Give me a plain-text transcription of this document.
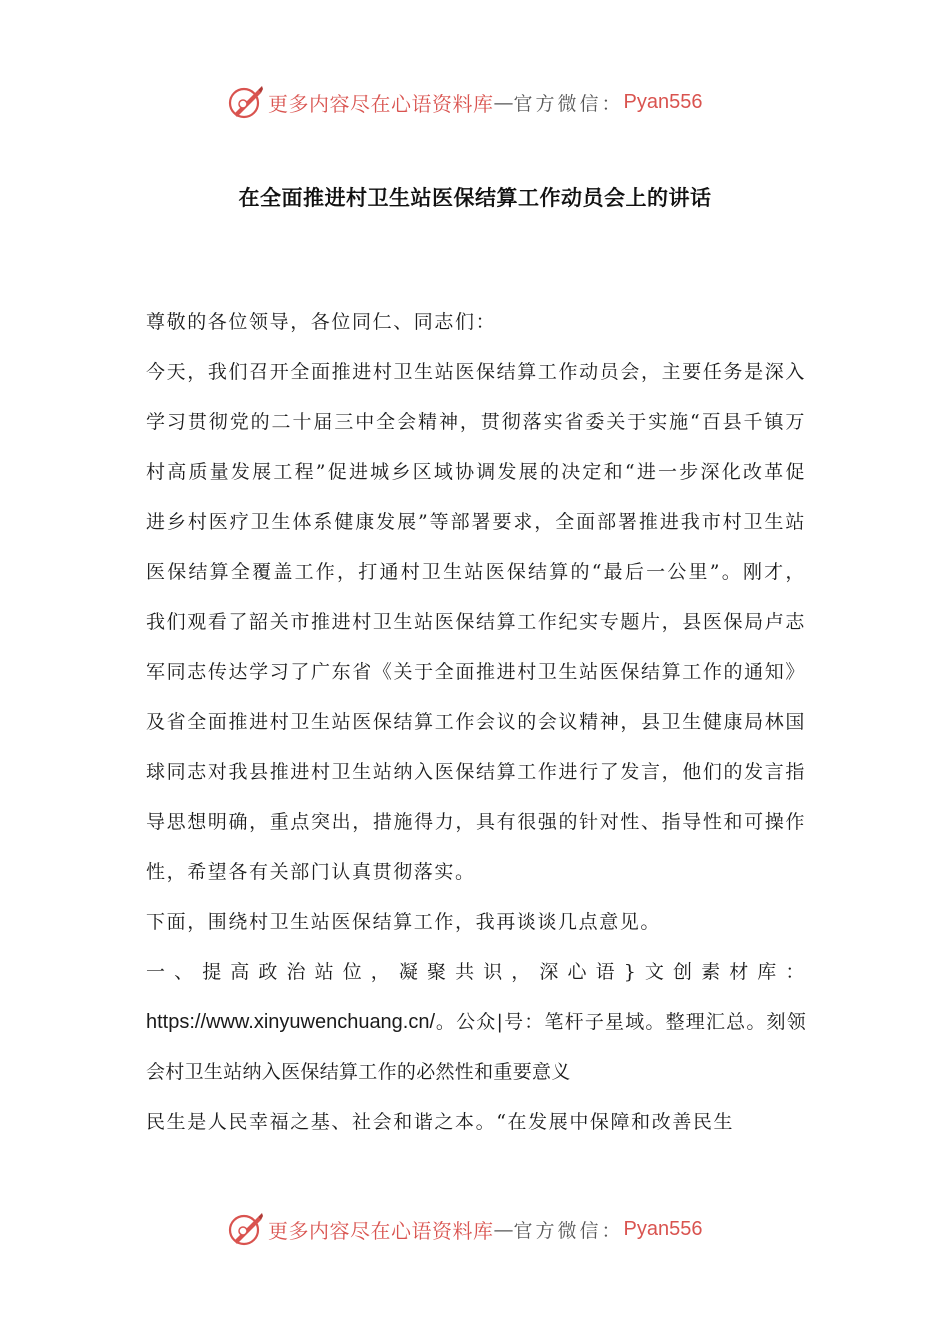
更多内容尽在心语资料库 — 官方微信： Pyan556
在全面推进村卫生站医保结算工作动员会上的讲话

尊敬的各位领导，各位同仁、同志们：

今天，我们召开全面推进村卫生站医保结算工作动员会，主要任务是深入学习贯彻党的二十届三中全会精神，贯彻落实省委关于实施“百县千镇万村高质量发展工程”促进城乡区域协调发展的决定和“进一步深化改革促进乡村医疗卫生体系健康发展”等部署要求，全面部署推进我市村卫生站医保结算全覆盖工作，打通村卫生站医保结算的“最后一公里”。刚才，我们观看了韶关市推进村卫生站医保结算工作纪实专题片，县医保局卢志军同志传达学习了广东省《关于全面推进村卫生站医保结算工作的通知》及省全面推进村卫生站医保结算工作会议的会议精神，县卫生健康局林国球同志对我县推进村卫生站纳入医保结算工作进行了发言，他们的发言指导思想明确，重点突出，措施得力，具有很强的针对性、指导性和可操作性，希望各有关部门认真贯彻落实。

下面，围绕村卫生站医保结算工作，我再谈谈几点意见。

一、提高政治站位，凝聚共识，深心语}文创素材库：https://www.xinyuwenchuang.cn/。公众|号：笔杆子星域。整理汇总。刻领会村卫生站纳入医保结算工作的必然性和重要意义

民生是人民幸福之基、社会和谐之本。“在发展中保障和改善民生

更多内容尽在心语资料库 — 官方微信： Pyan556
